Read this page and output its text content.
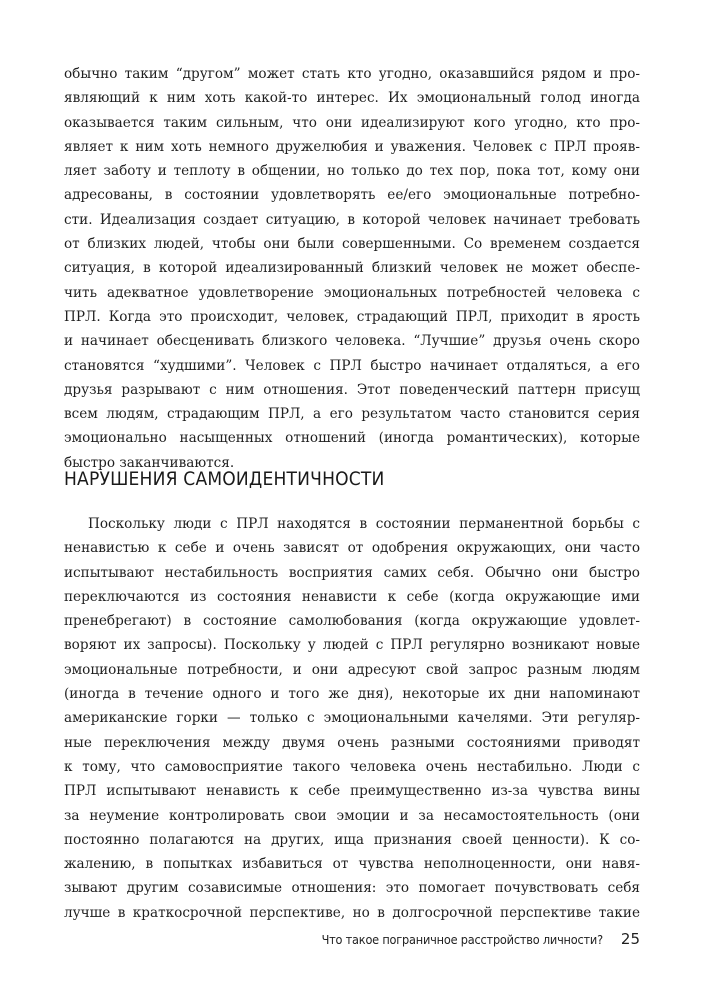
обычно таким “другом” может стать кто угодно, оказавшийся рядом и про-
являющий к ним хоть какой-то интерес. Их эмоциональный голод иногда
оказывается таким сильным, что они идеализируют кого угодно, кто про-
являет к ним хоть немного дружелюбия и уважения. Человек с ПРЛ прояв-
ляет заботу и теплоту в общении, но только до тех пор, пока тот, кому они
адресованы, в состоянии удовлетворять ее/его эмоциональные потребно-
сти. Идеализация создает ситуацию, в которой человек начинает требовать
от близких людей, чтобы они были совершенными. Со временем создается
ситуация, в которой идеализированный близкий человек не может обеспе-
чить адекватное удовлетворение эмоциональных потребностей человека с
ПРЛ. Когда это происходит, человек, страдающий ПРЛ, приходит в ярость
и начинает обесценивать близкого человека. “Лучшие” друзья очень скоро
становятся “худшими”. Человек с ПРЛ быстро начинает отдаляться, а его
друзья разрывают с ним отношения. Этот поведенческий паттерн присущ
всем людям, страдающим ПРЛ, а его результатом часто становится серия
эмоционально насыщенных отношений (иногда романтических), которые
быстро заканчиваются.
НАРУШЕНИЯ САМОИДЕНТИЧНОСТИ
Поскольку люди с ПРЛ находятся в состоянии перманентной борьбы с
ненавистью к себе и очень зависят от одобрения окружающих, они часто
испытывают нестабильность восприятия самих себя. Обычно они быстро
переключаются из состояния ненависти к себе (когда окружающие ими
пренебрегают) в состояние самолюбования (когда окружающие удовлет-
воряют их запросы). Поскольку у людей с ПРЛ регулярно возникают новые
эмоциональные потребности, и они адресуют свой запрос разным людям
(иногда в течение одного и того же дня), некоторые их дни напоминают
американские горки — только с эмоциональными качелями. Эти регуляр-
ные переключения между двумя очень разными состояниями приводят
к тому, что самовосприятие такого человека очень нестабильно. Люди с
ПРЛ испытывают ненависть к себе преимущественно из-за чувства вины
за неумение контролировать свои эмоции и за несамостоятельность (они
постоянно полагаются на других, ища признания своей ценности). К со-
жалению, в попытках избавиться от чувства неполноценности, они навя-
зывают другим созависимые отношения: это помогает почувствовать себя
лучше в краткосрочной перспективе, но в долгосрочной перспективе такие
Что такое пограничное расстройство личности? 25
